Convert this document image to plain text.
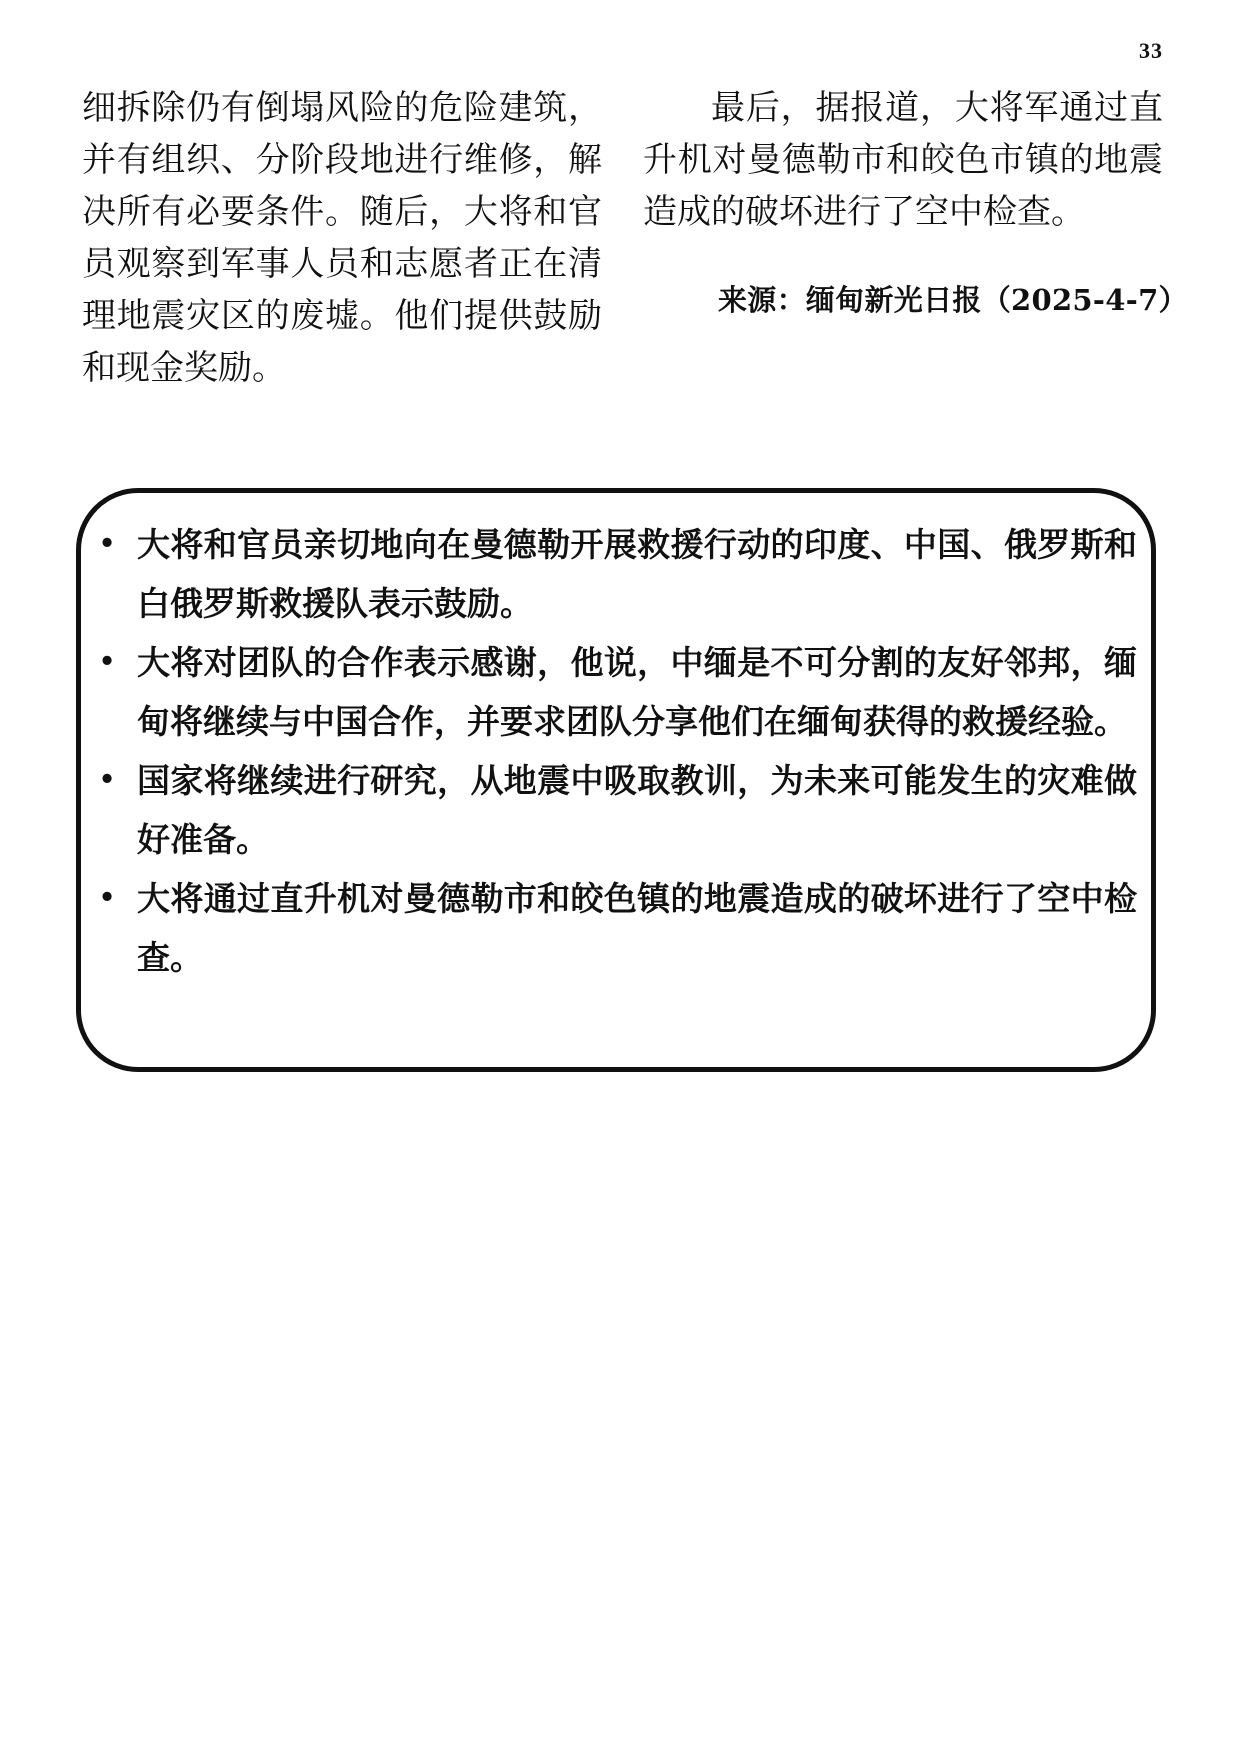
33

细拆除仍有倒塌风险的危险建筑，并有组织、分阶段地进行维修，解决所有必要条件。随后，大将和官员观察到军事人员和志愿者正在清理地震灾区的废墟。他们提供鼓励和现金奖励。

最后，据报道，大将军通过直升机对曼德勒市和皎色市镇的地震造成的破坏进行了空中检查。

来源：缅甸新光日报（2025-4-7）
• 大将和官员亲切地向在曼德勒开展救援行动的印度、中国、俄罗斯和白俄罗斯救援队表示鼓励。
• 大将对团队的合作表示感谢，他说，中缅是不可分割的友好邻邦，缅甸将继续与中国合作，并要求团队分享他们在缅甸获得的救援经验。
• 国家将继续进行研究，从地震中吸取教训，为未来可能发生的灾难做好准备。
• 大将通过直升机对曼德勒市和皎色镇的地震造成的破坏进行了空中检查。
